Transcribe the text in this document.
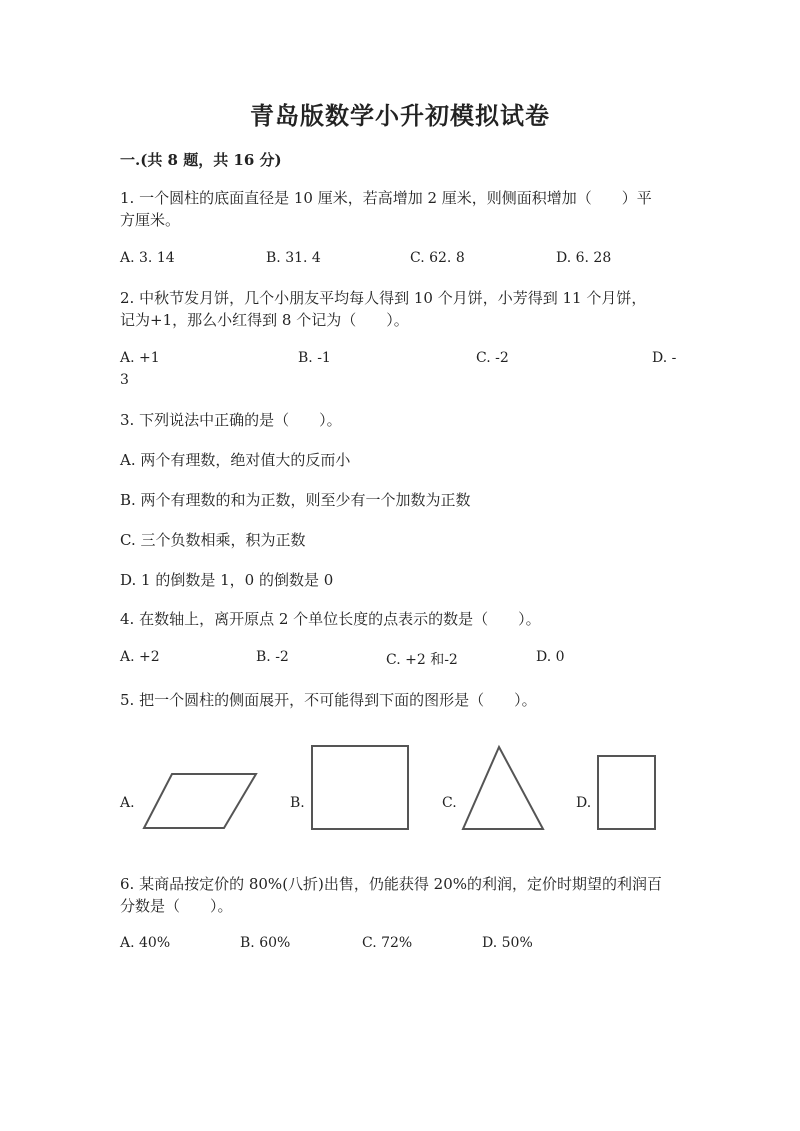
青岛版数学小升初模拟试卷
一.(共 8 题，共 16 分)
1. 一个圆柱的底面直径是 10 厘米，若高增加 2 厘米，则侧面积增加（　　）平
方厘米。
A. 3. 14	B. 31. 4	C. 62. 8	D. 6. 28
2. 中秋节发月饼，几个小朋友平均每人得到 10 个月饼，小芳得到 11 个月饼，
记为+1，那么小红得到 8 个记为（　　）。
A. +1	B. -1	C. -2	D. -
3
3. 下列说法中正确的是（　　）。
A. 两个有理数，绝对值大的反而小
B. 两个有理数的和为正数，则至少有一个加数为正数
C. 三个负数相乘，积为正数
D. 1 的倒数是 1，0 的倒数是 0
4. 在数轴上，离开原点 2 个单位长度的点表示的数是（　　）。
A. +2	B. -2	C. +2 和-2	D. 0
5. 把一个圆柱的侧面展开，不可能得到下面的图形是（　　）。
A.	B.	C.	D.
6. 某商品按定价的 80%(八折)出售，仍能获得 20%的利润，定价时期望的利润百
分数是（　　）。
A. 40%	B. 60%	C. 72%	D. 50%
